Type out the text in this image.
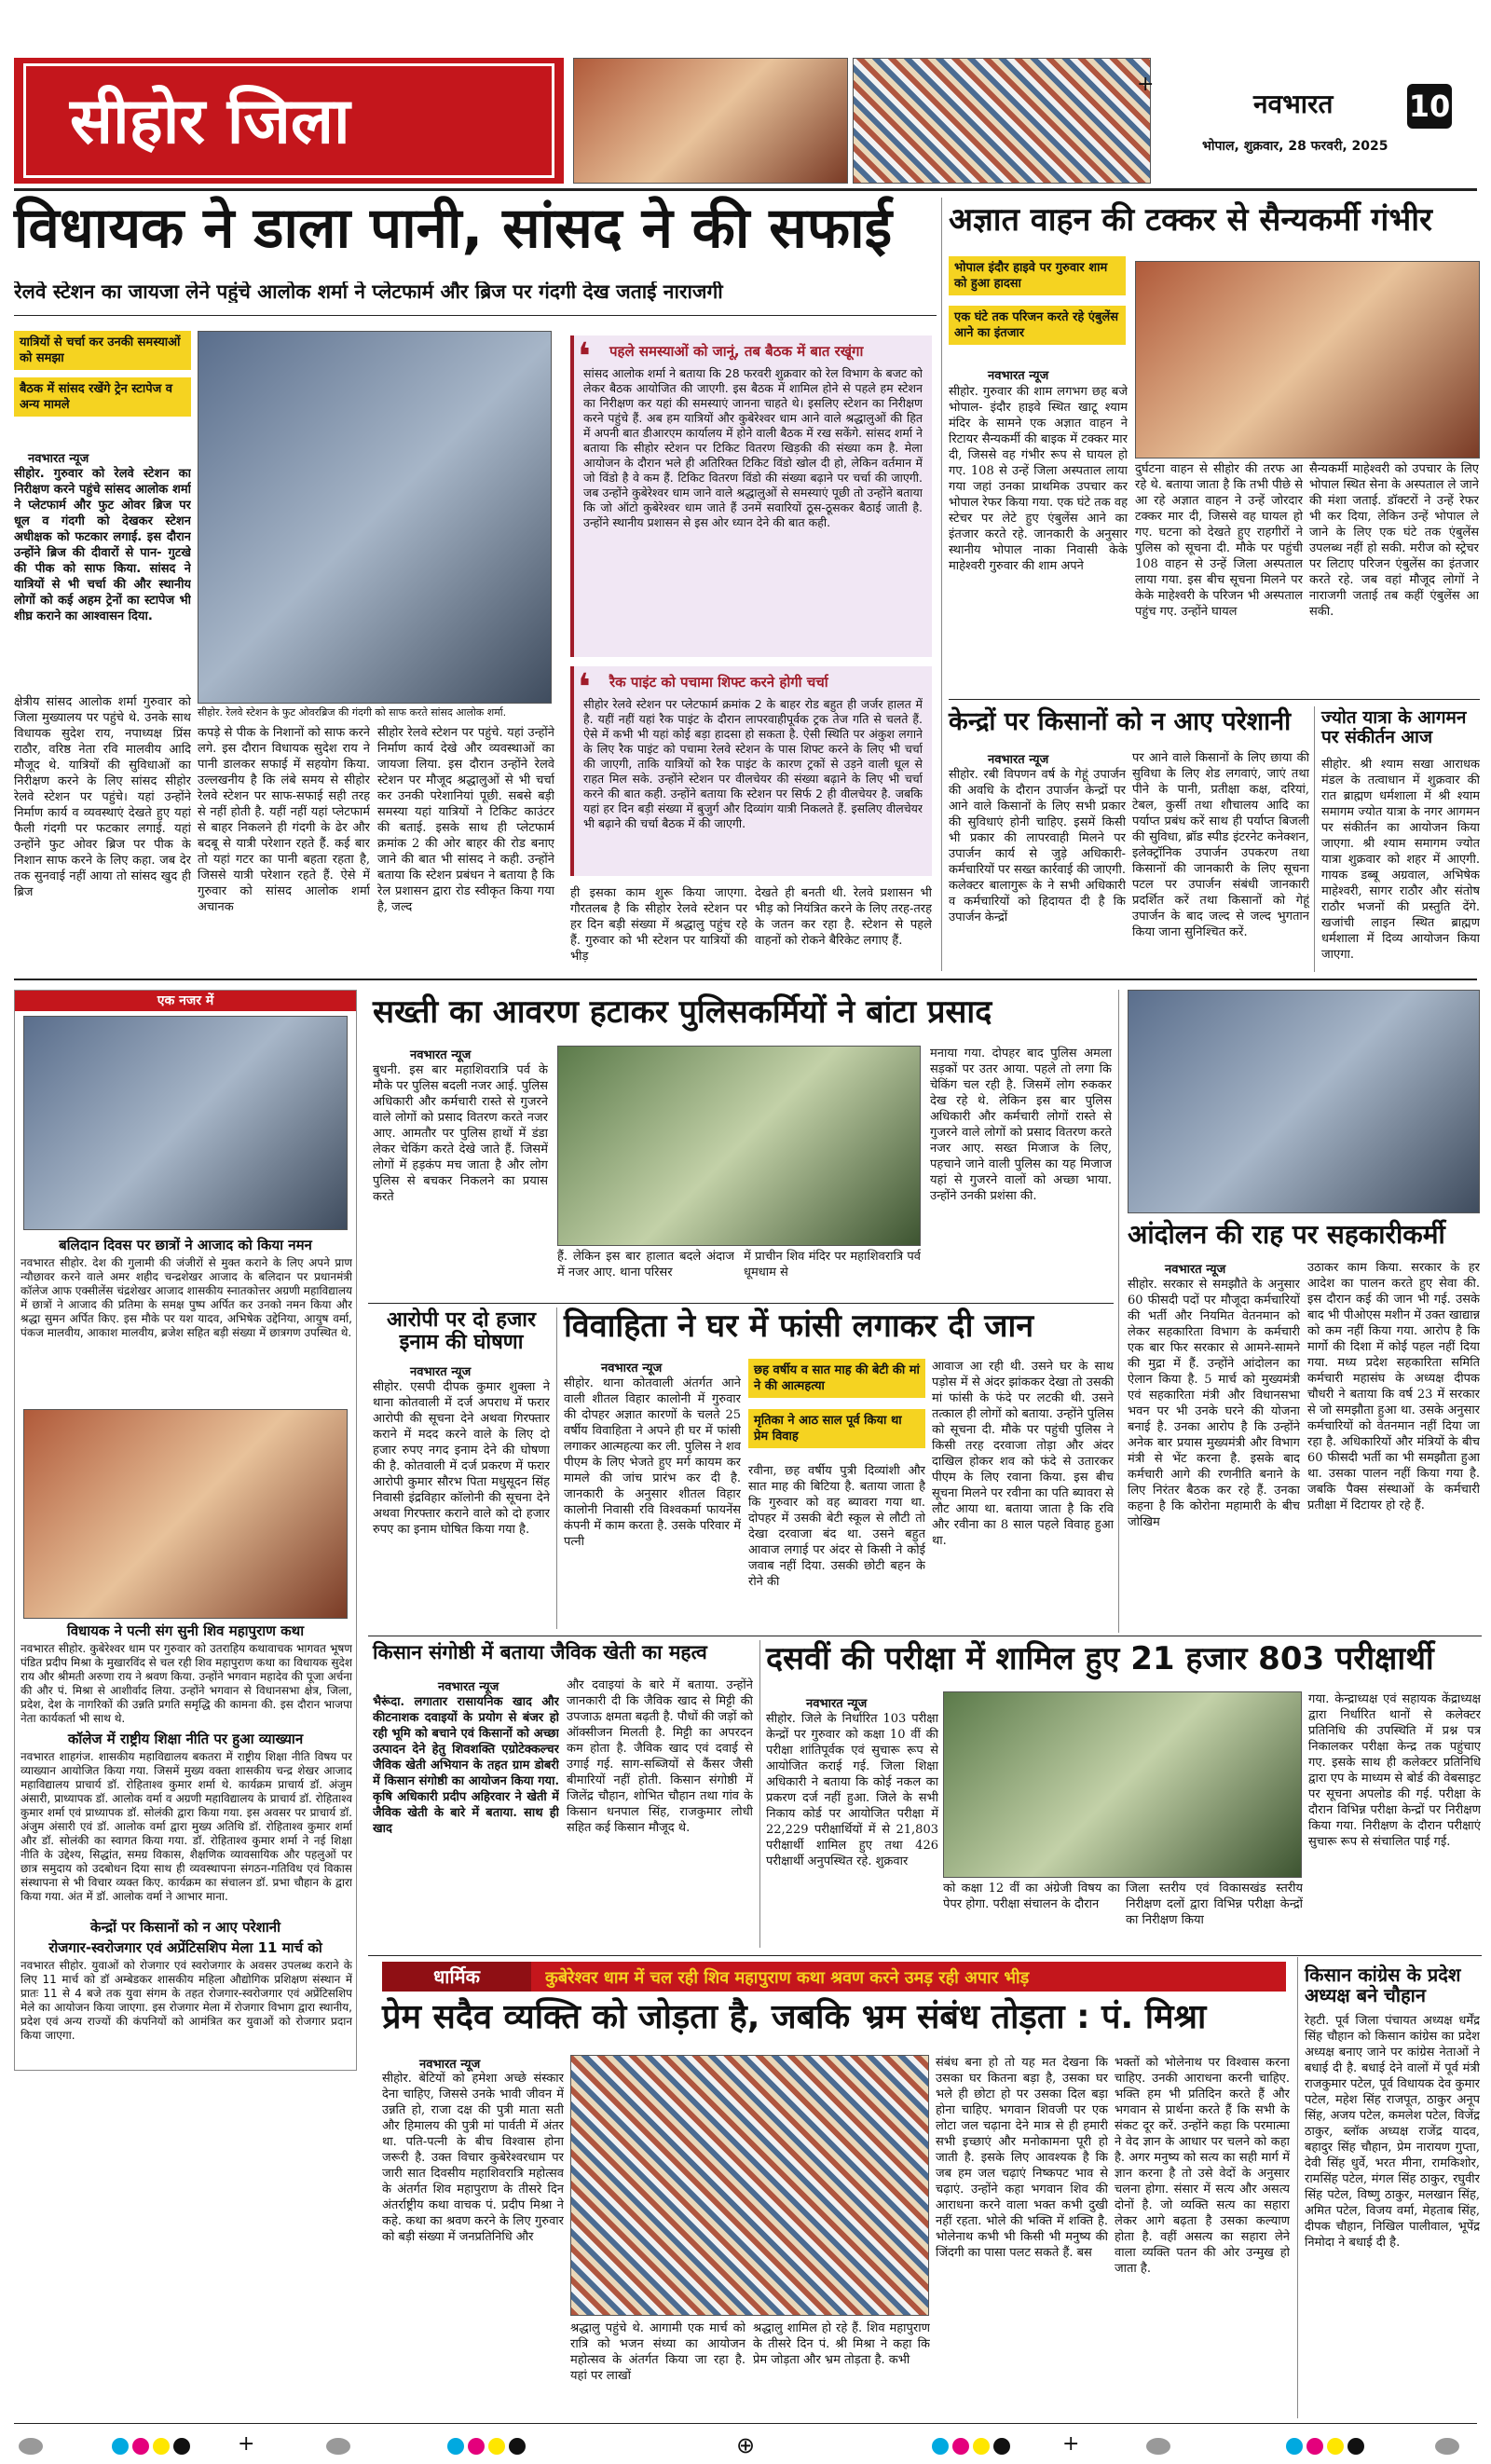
सीहोर जिला
+
नवभारत	10
भोपाल, शुक्रवार, 28 फरवरी, 2025
विधायक ने डाला पानी, सांसद ने की सफाई
रेलवे स्टेशन का जायजा लेने पहुंचे आलोक शर्मा ने प्लेटफार्म और ब्रिज पर गंदगी देख जताई नाराजगी
यात्रियों से चर्चा कर उनकी समस्याओं को समझा
बैठक में सांसद रखेंगे ट्रेन स्टापेज व अन्य मामले
नवभारत न्यूज
सीहोर. गुरुवार को रेलवे स्टेशन का निरीक्षण करने पहुंचे सांसद आलोक शर्मा ने प्लेटफार्म और फुट ओवर ब्रिज पर धूल व गंदगी को देखकर स्टेशन अधीक्षक को फटकार लगाई. इस दौरान उन्होंने ब्रिज की दीवारों से पान- गुटखे की पीक को साफ किया. सांसद ने यात्रियों से भी चर्चा की और स्थानीय लोगों को कई अहम ट्रेनों का स्टापेज भी शीघ्र कराने का आश्वासन दिया.
क्षेत्रीय सांसद आलोक शर्मा गुरुवार को जिला मुख्यालय पर पहुंचे थे. उनके साथ विधायक सुदेश राय, नपाध्यक्ष प्रिंस राठौर, वरिष्ठ नेता रवि मालवीय आदि मौजूद थे. यात्रियों की सुविधाओं का निरीक्षण करने के लिए सांसद सीहोर रेलवे स्टेशन पर पहुंचे। यहां उन्होंने निर्माण कार्य व व्यवस्थाएं देखते हुए यहां फैली गंदगी पर फटकार लगाई. यहां उन्होंने फुट ओवर ब्रिज पर पीक के निशान साफ करने के लिए कहा. जब देर तक सुनवाई नहीं आया तो सांसद खुद ही ब्रिज
सीहोर. रेलवे स्टेशन के फुट ओवरब्रिज की गंदगी को साफ करते सांसद आलोक शर्मा.
कपड़े से पीक के निशानों को साफ करने लगे. इस दौरान विधायक सुदेश राय ने पानी डालकर सफाई में सहयोग किया. उल्लखनीय है कि लंबे समय से सीहोर रेलवे स्टेशन पर साफ-सफाई सही तरह से नहीं होती है. यहीं नहीं यहां प्लेटफार्म से बाहर निकलने ही गंदगी के ढेर और बदबू से यात्री परेशान रहते हैं. कई बार तो यहां गटर का पानी बहता रहता है, जिससे यात्री परेशान रहते हैं. ऐसे में गुरुवार को सांसद आलोक शर्मा अचानक
सीहोर रेलवे स्टेशन पर पहुंचे. यहां उन्होंने निर्माण कार्य देखे और व्यवस्थाओं का जायजा लिया. इस दौरान उन्होंने रेलवे स्टेशन पर मौजूद श्रद्धालुओं से भी चर्चा कर उनकी परेशानियां पूछी. सबसे बड़ी समस्या यहां यात्रियों ने टिकिट काउंटर की बताई. इसके साथ ही प्लेटफार्म क्रमांक 2 की ओर बाहर की रोड बनाए जाने की बात भी सांसद ने कही. उन्होंने बताया कि स्टेशन प्रबंधन ने बताया है कि रेल प्रशासन द्वारा रोड स्वीकृत किया गया है, जल्द
❛ पहले समस्याओं को जानूं, तब बैठक में बात रखूंगा
सांसद आलोक शर्मा ने बताया कि 28 फरवरी शुक्रवार को रेल विभाग के बजट को लेकर बैठक आयोजित की जाएगी. इस बैठक में शामिल होने से पहले हम स्टेशन का निरीक्षण कर यहां की समस्याएं जानना चाहते थे। इसलिए स्टेशन का निरीक्षण करने पहुंचे हैं. अब हम यात्रियों और कुबेरेश्वर धाम आने वाले श्रद्धालुओं की हित में अपनी बात डीआरएम कार्यालय में होने वाली बैठक में रख सकेंगे. सांसद शर्मा ने बताया कि सीहोर स्टेशन पर टिकिट वितरण खिड़की की संख्या कम है. मेला आयोजन के दौरान भले ही अतिरिक्त टिकिट विंडो खोल दी हो, लेकिन वर्तमान में जो विंडो है वे कम हैं. टिकिट वितरण विंडो की संख्या बढ़ाने पर चर्चा की जाएगी. जब उन्होंने कुबेरेश्वर धाम जाने वाले श्रद्धालुओं से समस्याएं पूछी तो उन्होंने बताया कि जो ऑटो कुबेरेश्वर धाम जाते हैं उनमें सवारियों ठूस-ठूसकर बैठाई जाती है. उन्होंने स्थानीय प्रशासन से इस ओर ध्यान देने की बात कही.
❛ रैक पाइंट को पचामा शिफ्ट करने होगी चर्चा
सीहोर रेलवे स्टेशन पर प्लेटफार्म क्रमांक 2 के बाहर रोड बहुत ही जर्जर हालत में है. यहीं नहीं यहां रैक पाइंट के दौरान लापरवाहीपूर्वक ट्रक तेज गति से चलते हैं. ऐसे में कभी भी यहां कोई बड़ा हादसा हो सकता है. ऐसी स्थिति पर अंकुश लगाने के लिए रैक पाइंट को पचामा रेलवे स्टेशन के पास शिफ्ट करने के लिए भी चर्चा की जाएगी, ताकि यात्रियों को रैक पाइंट के कारण ट्रकों से उड़ने वाली धूल से राहत मिल सके. उन्होंने स्टेशन पर वीलचेयर की संख्या बढ़ाने के लिए भी चर्चा करने की बात कही. उन्होंने बताया कि स्टेशन पर सिर्फ 2 ही वीलचेयर है. जबकि यहां हर दिन बड़ी संख्या में बुजुर्ग और दिव्यांग यात्री निकलते हैं. इसलिए वीलचेयर भी बढ़ाने की चर्चा बैठक में की जाएगी.
ही इसका काम शुरू किया जाएगा. गौरतलब है कि सीहोर रेलवे स्टेशन पर हर दिन बड़ी संख्या में श्रद्धालु पहुंच रहे हैं. गुरुवार को भी स्टेशन पर यात्रियों की भीड़
देखते ही बनती थी. रेलवे प्रशासन भी भीड़ को नियंत्रित करने के लिए तरह-तरह के जतन कर रहा है. स्टेशन से पहले वाहनों को रोकने बैरिकेट लगाए हैं.
अज्ञात वाहन की टक्कर से सैन्यकर्मी गंभीर
भोपाल इंदौर हाइवे पर गुरुवार शाम को हुआ हादसा
एक घंटे तक परिजन करते रहे एंबुलेंस आने का इंतजार
नवभारत न्यूज
सीहोर. गुरुवार की शाम लगभग छह बजे भोपाल- इंदौर हाइवे स्थित खाटू श्याम मंदिर के सामने एक अज्ञात वाहन ने रिटायर सैन्यकर्मी की बाइक में टक्कर मार दी, जिससे वह गंभीर रूप से घायल हो गए. 108 से उन्हें जिला अस्पताल लाया गया जहां उनका प्राथमिक उपचार कर भोपाल रेफर किया गया. एक घंटे तक वह स्टेचर पर लेटे हुए एंबुलेंस आने का इंतजार करते रहे. जानकारी के अनुसार स्थानीय भोपाल नाका निवासी केके माहेश्वरी गुरुवार की शाम अपने
दुर्घटना वाहन से सीहोर की तरफ आ रहे थे. बताया जाता है कि तभी पीछे से आ रहे अज्ञात वाहन ने उन्हें जोरदार टक्कर मार दी, जिससे वह घायल हो गए. घटना को देखते हुए राहगीरों ने पुलिस को सूचना दी. मौके पर पहुंची 108 वाहन से उन्हें जिला अस्पताल लाया गया. इस बीच सूचना मिलने पर केके माहेश्वरी के परिजन भी अस्पताल पहुंच गए. उन्होंने घायल
सैन्यकर्मी माहेश्वरी को उपचार के लिए भोपाल स्थित सेना के अस्पताल ले जाने की मंशा जताई. डॉक्टरों ने उन्हें रेफर भी कर दिया, लेकिन उन्हें भोपाल ले जाने के लिए एक घंटे तक एंबुलेंस उपलब्ध नहीं हो सकी. मरीज को स्ट्रेचर पर लिटाए परिजन एंबुलेंस का इंतजार करते रहे. जब वहां मौजूद लोगों ने नाराजगी जताई तब कहीं एंबुलेंस आ सकी.
केन्द्रों पर किसानों को न आए परेशानी
नवभारत न्यूज
सीहोर. रबी विपणन वर्ष के गेहूं उपार्जन की अवधि के दौरान उपार्जन केन्द्रों पर आने वाले किसानों के लिए सभी प्रकार की सुविधाएं होनी चाहिए. इसमें किसी भी प्रकार की लापरवाही मिलने पर उपार्जन कार्य से जुड़े अधिकारी-कर्मचारियों पर सख्त कार्रवाई की जाएगी. कलेक्टर बालागुरू के ने सभी अधिकारी व कर्मचारियों को हिदायत दी है कि उपार्जन केन्द्रों
पर आने वाले किसानों के लिए छाया की सुविधा के लिए शेड लगवाएं, जाएं तथा पीने के पानी, प्रतीक्षा कक्ष, दरियां, टेबल, कुर्सी तथा शौचालय आदि का पर्याप्त प्रबंध करें साथ ही पर्याप्त बिजली की सुविधा, ब्रॉड स्पीड इंटरनेट कनेक्शन, इलेक्ट्रॉनिक उपार्जन उपकरण तथा किसानों की जानकारी के लिए सूचना पटल पर उपार्जन संबंधी जानकारी प्रदर्शित करें तथा किसानों को गेहूं उपार्जन के बाद जल्द से जल्द भुगतान किया जाना सुनिश्चित करें.
ज्योत यात्रा के आगमन पर संकीर्तन आज
सीहोर. श्री श्याम सखा आराधक मंडल के तत्वाधान में शुक्रवार की रात ब्राह्मण धर्मशाला में श्री श्याम समागम ज्योत यात्रा के नगर आगमन पर संकीर्तन का आयोजन किया जाएगा. श्री श्याम समागम ज्योत यात्रा शुक्रवार को शहर में आएगी. गायक डब्बू अग्रवाल, अभिषेक माहेश्वरी, सागर राठौर और संतोष राठौर भजनों की प्रस्तुति देंगे. खजांची लाइन स्थित ब्राह्मण धर्मशाला में दिव्य आयोजन किया जाएगा.
एक नजर में
बलिदान दिवस पर छात्रों ने आजाद को किया नमन
नवभारत सीहोर. देश की गुलामी की जंजीरों से मुक्त कराने के लिए अपने प्राण न्यौछावर करने वाले अमर शहीद चन्द्रशेखर आजाद के बलिदान पर प्रधानमंत्री कॉलेज आफ एक्सीलेंस चंद्रशेखर आजाद शासकीय स्नातकोत्तर अग्रणी महाविद्यालय में छात्रों ने आजाद की प्रतिमा के समक्ष पुष्प अर्पित कर उनको नमन किया और श्रद्धा सुमन अर्पित किए. इस मौके पर यश यादव, अभिषेक उद्देनिया, आयुष वर्मा, पंकज मालवीय, आकाश मालवीय, ब्रजेश सहित बड़ी संख्या में छात्रगण उपस्थित थे.
विधायक ने पत्नी संग सुनी शिव महापुराण कथा
नवभारत सीहोर. कुबेरेश्वर धाम पर गुरुवार को उतराहिय कथावाचक भागवत भूषण पंडित प्रदीप मिश्रा के मुखारविंद से चल रही शिव महापुराण कथा का विधायक सुदेश राय और श्रीमती अरुणा राय ने श्रवण किया. उन्होंने भगवान महादेव की पूजा अर्चना की और पं. मिश्रा से आशीर्वाद लिया. उन्होंने भगवान से विधानसभा क्षेत्र, जिला, प्रदेश, देश के नागरिकों की उन्नति प्रगति समृद्धि की कामना की. इस दौरान भाजपा नेता कार्यकर्ता भी साथ थे.
कॉलेज में राष्ट्रीय शिक्षा नीति पर हुआ व्याख्यान
नवभारत शाहगंज. शासकीय महाविद्यालय बकतरा में राष्ट्रीय शिक्षा नीति विषय पर व्याख्यान आयोजित किया गया. जिसमें मुख्य वक्ता शासकीय चन्द्र शेखर आजाद महाविद्यालय प्राचार्य डॉ. रोहिताश्व कुमार शर्मा थे. कार्यक्रम प्राचार्य डॉ. अंजुम अंसारी, प्राध्यापक डॉ. आलोक वर्मा व अग्रणी महाविद्यालय के प्राचार्य डॉ. रोहिताश्व कुमार शर्मा एवं प्राध्यापक डॉ. सोलंकी द्वारा किया गया. इस अवसर पर प्राचार्य डॉ. अंजुम अंसारी एवं डॉ. आलोक वर्मा द्वारा मुख्य अतिथि डॉ. रोहिताश्व कुमार शर्मा और डॉ. सोलंकी का स्वागत किया गया. डॉ. रोहिताश्व कुमार शर्मा ने नई शिक्षा नीति के उद्देश्य, सिद्धांत, समग्र विकास, शैक्षणिक व्यावसायिक और पहलुओं पर छात्र समुदाय को उदबोधन दिया साथ ही व्यवस्थापना संगठन-गतिविध एवं विकास संस्थापना से भी विचार व्यक्त किए. कार्यक्रम का संचालन डॉ. प्रभा चौहान के द्वारा किया गया. अंत में डॉ. आलोक वर्मा ने आभार माना.
केन्द्रों पर किसानों को न आए परेशानी
रोजगार-स्वरोजगार एवं अप्रेंटिसशिप मेला 11 मार्च को
नवभारत सीहोर. युवाओं को रोजगार एवं स्वरोजगार के अवसर उपलब्ध कराने के लिए 11 मार्च को डॉ अम्बेडकर शासकीय महिला औद्योगिक प्रशिक्षण संस्थान में प्रातः 11 से 4 बजे तक युवा संगम के तहत रोजगार-स्वरोजगार एवं अप्रेंटिसशिप मेले का आयोजन किया जाएगा. इस रोजगार मेला में रोजगार विभाग द्वारा स्थानीय, प्रदेश एवं अन्य राज्यों की कंपनियों को आमंत्रित कर युवाओं को रोजगार प्रदान किया जाएगा.
सख्ती का आवरण हटाकर पुलिसकर्मियों ने बांटा प्रसाद
नवभारत न्यूज
बुधनी. इस बार महाशिवरात्रि पर्व के मौके पर पुलिस बदली नजर आई. पुलिस अधिकारी और कर्मचारी रास्ते से गुजरने वाले लोगों को प्रसाद वितरण करते नजर आए. आमतौर पर पुलिस हाथों में डंडा लेकर चेकिंग करते देखे जाते हैं. जिसमें लोगों में हड़कंप मच जाता है और लोग पुलिस से बचकर निकलने का प्रयास करते
हैं. लेकिन इस बार हालात बदले अंदाज में नजर आए. थाना परिसर
में प्राचीन शिव मंदिर पर महाशिवरात्रि पर्व धूमधाम से
मनाया गया. दोपहर बाद पुलिस अमला सड़कों पर उतर आया. पहले तो लगा कि चेकिंग चल रही है. जिसमें लोग रुककर देख रहे थे. लेकिन इस बार पुलिस अधिकारी और कर्मचारी लोगों रास्ते से गुजरने वाले लोगों को प्रसाद वितरण करते नजर आए. सख्त मिजाज के लिए, पहचाने जाने वाली पुलिस का यह मिजाज यहां से गुजरने वालों को अच्छा भाया. उन्होंने उनकी प्रशंसा की.
आंदोलन की राह पर सहकारीकर्मी
नवभारत न्यूज
सीहोर. सरकार से समझौते के अनुसार 60 फीसदी पदों पर मौजूदा कर्मचारियों की भर्ती और नियमित वेतनमान को लेकर सहकारिता विभाग के कर्मचारी एक बार फिर सरकार से आमने-सामने की मुद्रा में हैं. उन्होंने आंदोलन का ऐलान किया है. 5 मार्च को मुख्यमंत्री एवं सहकारिता मंत्री और विधानसभा भवन पर भी उनके घरने की योजना बनाई है. उनका आरोप है कि उन्होंने अनेक बार प्रयास मुख्यमंत्री और विभाग मंत्री से भेंट करना है. इसके बाद कर्मचारी आगे की रणनीति बनाने के लिए निरंतर बैठक कर रहे हैं. उनका कहना है कि कोरोना महामारी के बीच जोखिम
उठाकर काम किया. सरकार के हर आदेश का पालन करते हुए सेवा की. इस दौरान कई की जान भी गई. उसके बाद भी पीओएस मशीन में उक्त खाद्यान्न को कम नहीं किया गया. आरोप है कि मार्गो की दिशा में कोई पहल नहीं दिया गया. मध्य प्रदेश सहकारिता समिति कर्मचारी महासंघ के अध्यक्ष दीपक चौधरी ने बताया कि वर्ष 23 में सरकार से जो समझौता हुआ था. उसके अनुसार कर्मचारियों को वेतनमान नहीं दिया जा रहा है. अधिकारियों और मंत्रियों के बीच 60 फीसदी भर्ती का भी समझौता हुआ था. उसका पालन नहीं किया गया है. जबकि पैक्स संस्थाओं के कर्मचारी प्रतीक्षा में दिटायर हो रहे हैं.
आरोपी पर दो हजार इनाम की घोषणा
नवभारत न्यूज
सीहोर. एसपी दीपक कुमार शुक्ला ने थाना कोतवाली में दर्ज अपराध में फरार आरोपी की सूचना देने अथवा गिरफ्तार कराने में मदद करने वाले के लिए दो हजार रुपए नगद इनाम देने की घोषणा की है. कोतवाली में दर्ज प्रकरण में फरार आरोपी कुमार सौरभ पिता मधुसूदन सिंह निवासी इंद्रविहार कॉलोनी की सूचना देने अथवा गिरफ्तार कराने वाले को दो हजार रुपए का इनाम घोषित किया गया है.
विवाहिता ने घर में फांसी लगाकर दी जान
नवभारत न्यूज
सीहोर. थाना कोतवाली अंतर्गत आने वाली शीतल विहार कालोनी में गुरुवार की दोपहर अज्ञात कारणों के चलते 25 वर्षीय विवाहिता ने अपने ही घर में फांसी लगाकर आत्महत्या कर ली. पुलिस ने शव पीएम के लिए भेजते हुए मर्ग कायम कर मामले की जांच प्रारंभ कर दी है. जानकारी के अनुसार शीतल विहार कालोनी निवासी रवि विश्वकर्मा फायनेंस कंपनी में काम करता है. उसके परिवार में पत्नी
छह वर्षीय व सात माह की बेटी की मां ने की आत्महत्या
मृतिका ने आठ साल पूर्व किया था प्रेम विवाह
रवीना, छह वर्षीय पुत्री दिव्यांशी और सात माह की बिटिया है. बताया जाता है कि गुरुवार को वह ब्यावरा गया था. दोपहर में उसकी बेटी स्कूल से लौटी तो देखा दरवाजा बंद था. उसने बहुत आवाज लगाई पर अंदर से किसी ने कोई जवाब नहीं दिया. उसकी छोटी बहन के रोने की
आवाज आ रही थी. उसने घर के साथ पड़ोस में से अंदर झांककर देखा तो उसकी मां फांसी के फंदे पर लटकी थी. उसने तत्काल ही लोगों को बताया. उन्होंने पुलिस को सूचना दी. मौके पर पहुंची पुलिस ने किसी तरह दरवाजा तोड़ा और अंदर दाखिल होकर शव को फंदे से उतारकर पीएम के लिए रवाना किया. इस बीच सूचना मिलने पर रवीना का पति ब्यावरा से लौट आया था. बताया जाता है कि रवि और रवीना का 8 साल पहले विवाह हुआ था.
किसान संगोष्ठी में बताया जैविक खेती का महत्व
नवभारत न्यूज
भैरूंदा. लगातार रासायनिक खाद और कीटनाशक दवाइयों के प्रयोग से बंजर हो रही भूमि को बचाने एवं किसानों को अच्छा उत्पादन देने हेतु शिवशक्ति एग्रोटेक्कल्चर जैविक खेती अभियान के तहत ग्राम डोबरी में किसान संगोष्ठी का आयोजन किया गया. कृषि अधिकारी प्रदीप अहिरवार ने खेती में जैविक खेती के बारे में बताया. साथ ही खाद
और दवाइयां के बारे में बताया. उन्होंने जानकारी दी कि जैविक खाद से मिट्टी की उपजाऊ क्षमता बढ़ती है. पौधों की जड़ों को ऑक्सीजन मिलती है. मिट्टी का अपरदन कम होता है. जैविक खाद एवं दवाई से उगाई गई. साग-सब्जियों से कैंसर जैसी बीमारियों नहीं होती. किसान संगोष्ठी में जिलेंद्र चौहान, शोभित चौहान तथा गांव के किसान धनपाल सिंह, राजकुमार लोधी सहित कई किसान मौजूद थे.
दसवीं की परीक्षा में शामिल हुए 21 हजार 803 परीक्षार्थी
नवभारत न्यूज
सीहोर. जिले के निर्धारित 103 परीक्षा केन्द्रों पर गुरुवार को कक्षा 10 वीं की परीक्षा शांतिपूर्वक एवं सुचारू रूप से आयोजित कराई गई. जिला शिक्षा अधिकारी ने बताया कि कोई नकल का प्रकरण दर्ज नहीं हुआ. जिले के सभी निकाय कोर्ड पर आयोजित परीक्षा में 22,229 परीक्षार्थियों में से 21,803 परीक्षार्थी शामिल हुए तथा 426 परीक्षार्थी अनुपस्थित रहे. शुक्रवार
को कक्षा 12 वीं का अंग्रेजी विषय का पेपर होगा. परीक्षा संचालन के दौरान
जिला स्तरीय एवं विकासखंड स्तरीय निरीक्षण दलों द्वारा विभिन्न परीक्षा केन्द्रों का निरीक्षण किया
गया. केन्द्राध्यक्ष एवं सहायक केंद्राध्यक्ष द्वारा निर्धारित थानों से कलेक्टर प्रतिनिधि की उपस्थिति में प्रश्न पत्र निकालकर परीक्षा केन्द्र तक पहुंचाए गए. इसके साथ ही कलेक्टर प्रतिनिधि द्वारा एप के माध्यम से बोर्ड की वेबसाइट पर सूचना अपलोड की गई. परीक्षा के दौरान विभिन्न परीक्षा केन्द्रों पर निरीक्षण किया गया. निरीक्षण के दौरान परीक्षाएं सुचारू रूप से संचालित पाई गई.
धार्मिक	कुबेरेश्वर धाम में चल रही शिव महापुराण कथा श्रवण करने उमड़ रही अपार भीड़
प्रेम सदैव व्यक्ति को जोड़ता है, जबकि भ्रम संबंध तोड़ता : पं. मिश्रा
नवभारत न्यूज
सीहोर. बेटियों को हमेशा अच्छे संस्कार देना चाहिए, जिससे उनके भावी जीवन में उन्नति हो, राजा दक्ष की पुत्री माता सती और हिमालय की पुत्री मां पार्वती में अंतर था. पति-पत्नी के बीच विश्वास होना जरूरी है. उक्त विचार कुबेरेश्वरधाम पर जारी सात दिवसीय महाशिवरात्रि महोत्सव के अंतर्गत शिव महापुराण के तीसरे दिन अंतर्राष्ट्रीय कथा वाचक पं. प्रदीप मिश्रा ने कहे. कथा का श्रवण करने के लिए गुरुवार को बड़ी संख्या में जनप्रतिनिधि और
श्रद्धालु पहुंचे थे. आगामी एक मार्च को रात्रि को भजन संध्या का आयोजन महोत्सव के अंतर्गत किया जा रहा है. यहां पर लाखों
श्रद्धालु शामिल हो रहे हैं. शिव महापुराण के तीसरे दिन पं. श्री मिश्रा ने कहा कि प्रेम जोड़ता और भ्रम तोड़ता है. कभी
संबंध बना हो तो यह मत देखना कि उसका घर कितना बड़ा है, उसका घर भले ही छोटा हो पर उसका दिल बड़ा होना चाहिए. भगवान शिवजी पर एक लोटा जल चढ़ाना देने मात्र से ही हमारी सभी इच्छाएं और मनोकामना पूरी हो जाती है. इसके लिए आवश्यक है कि जब हम जल चढ़ाएं निष्कपट भाव से चढ़ाएं. उन्होंने कहा भगवान शिव की आराधना करने वाला भक्त कभी दुखी नहीं रहता. भोले की भक्ति में शक्ति है. भोलेनाथ कभी भी किसी भी मनुष्य की जिंदगी का पासा पलट सकते हैं. बस
भक्तों को भोलेनाथ पर विश्वास करना चाहिए. उनकी आराधना करनी चाहिए. भक्ति हम भी प्रतिदिन करते हैं और भगवान से प्रार्थना करते हैं कि सभी के संकट दूर करें. उन्होंने कहा कि परमात्मा ने वेद ज्ञान के आधार पर चलने को कहा है. अगर मनुष्य को सत्य का सही मार्ग में ज्ञान करना है तो उसे वेदों के अनुसार चलना होगा. संसार में सत्य और असत्य दोनों है. जो व्यक्ति सत्य का सहारा लेकर आगे बढ़ता है उसका कल्याण होता है. वहीं असत्य का सहारा लेने वाला व्यक्ति पतन की ओर उन्मुख हो जाता है.
किसान कांग्रेस के प्रदेश अध्यक्ष बने चौहान
रेहटी. पूर्व जिला पंचायत अध्यक्ष धर्मेंद्र सिंह चौहान को किसान कांग्रेस का प्रदेश अध्यक्ष बनाए जाने पर कांग्रेस नेताओं ने बधाई दी है. बधाई देने वालों में पूर्व मंत्री राजकुमार पटेल, पूर्व विधायक देव कुमार पटेल, महेश सिंह राजपूत, ठाकुर अनूप सिंह, अजय पटेल, कमलेश पटेल, विजेंद्र ठाकुर, ब्लॉक अध्यक्ष राजेंद्र यादव, बहादुर सिंह चौहान, प्रेम नारायण गुप्ता, देवी सिंह धुर्वे, भरत मीना, रामकिशोर, रामसिंह पटेल, मंगल सिंह ठाकुर, रघुवीर सिंह पटेल, विष्णु ठाकुर, मलखान सिंह, अमित पटेल, विजय वर्मा, मेहताब सिंह, दीपक चौहान, निखिल पालीवाल, भूपेंद्र निमोदा ने बधाई दी है.
+	⊕	+
